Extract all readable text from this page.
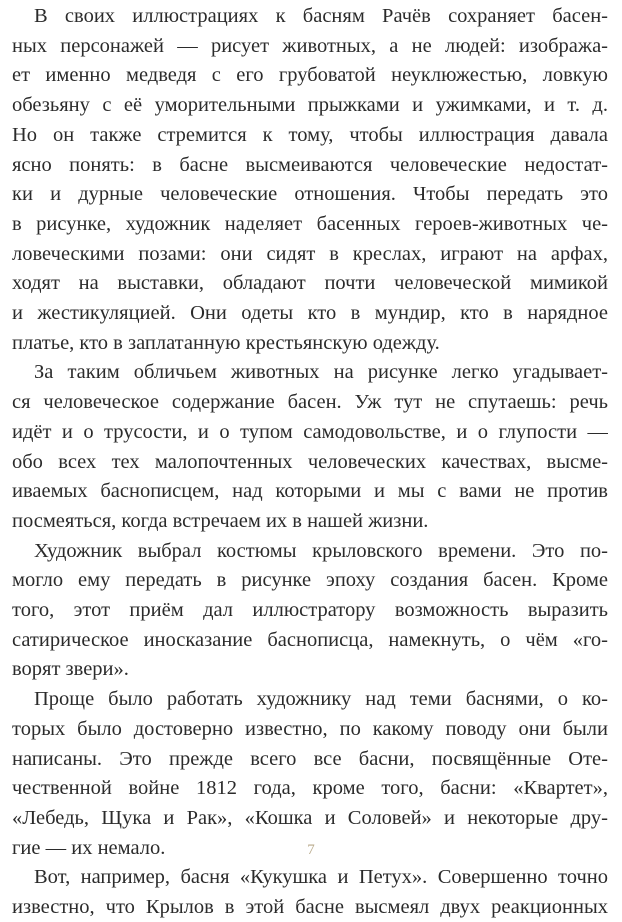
В своих иллюстрациях к басням Рачёв сохраняет басен-
ных персонажей — рисует животных, а не людей: изобража-
ет именно медведя с его грубоватой неуклюжестью, ловкую
обезьяну с её уморительными прыжками и ужимками, и т. д.
Но он также стремится к тому, чтобы иллюстрация давала
ясно понять: в басне высмеиваются человеческие недостат-
ки и дурные человеческие отношения. Чтобы передать это
в рисунке, художник наделяет басенных героев-животных че-
ловеческими позами: они сидят в креслах, играют на арфах,
ходят на выставки, обладают почти человеческой мимикой
и жестикуляцией. Они одеты кто в мундир, кто в нарядное
платье, кто в заплатанную крестьянскую одежду.
За таким обличьем животных на рисунке легко угадывает-
ся человеческое содержание басен. Уж тут не спутаешь: речь
идёт и о трусости, и о тупом самодовольстве, и о глупости —
обо всех тех малопочтенных человеческих качествах, высме-
иваемых баснописцем, над которыми и мы с вами не против
посмеяться, когда встречаем их в нашей жизни.
Художник выбрал костюмы крыловского времени. Это по-
могло ему передать в рисунке эпоху создания басен. Кроме
того, этот приём дал иллюстратору возможность выразить
сатирическое иносказание баснописца, намекнуть, о чём «го-
ворят звери».
Проще было работать художнику над теми баснями, о ко-
торых было достоверно известно, по какому поводу они были
написаны. Это прежде всего все басни, посвящённые Оте-
чественной войне 1812 года, кроме того, басни: «Квартет»,
«Лебедь, Щука и Рак», «Кошка и Соловей» и некоторые дру-
гие — их немало.
Вот, например, басня «Кукушка и Петух». Совершенно точно
известно, что Крылов в этой басне высмеял двух реакционных
7
